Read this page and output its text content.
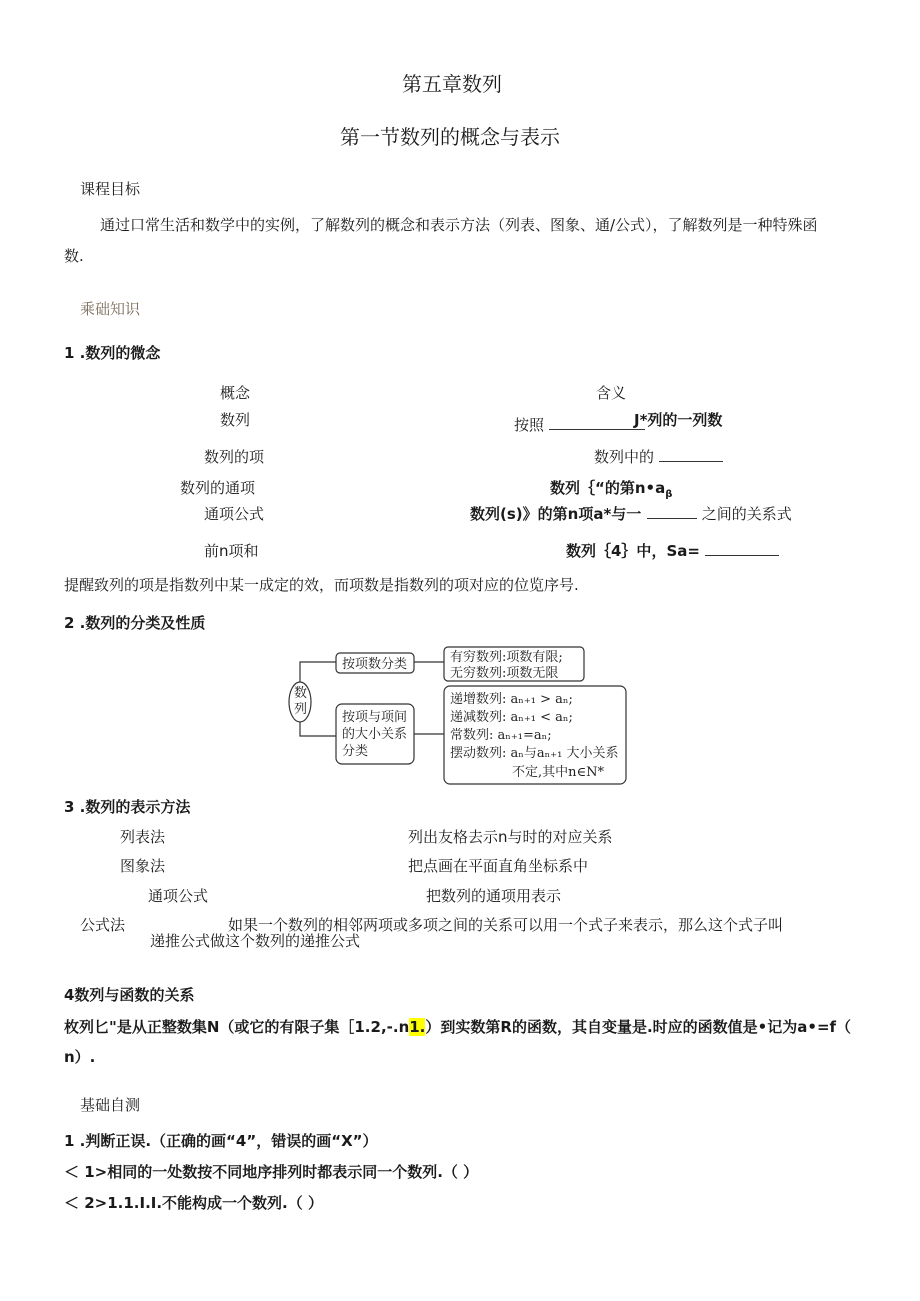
第五章数列
第一节数列的概念与表示
课程目标
通过口常生活和数学中的实例，了解数列的概念和表示方法（列表、图象、通/公式），了解数列是一种特殊函
数.
乘础知识
1 .数列的微念
概念	含义
数列	按照	J*列的一列数
数列的项	数列中的
数列的通项	数列｛“的第$n•a_\beta$
通项公式	数列(s)》的第n项a*与一	之间的关系式
前n项和	数列｛4｝中，Sa=
提醒致列的项是指数列中某一成定的效，而项数是指数列的项对应的位览序号.
2 .数列的分类及性质
数
列
按项数分类
按项与项间
的大小关系
分类
有穷数列:项数有限;
无穷数列:项数无限
递增数列: aₙ₊₁ > aₙ;
递减数列: aₙ₊₁ < aₙ;
常数列: aₙ₊₁=aₙ;
摆动数列: aₙ与aₙ₊₁ 大小关系
不定,其中n∈N*
3 .数列的表示方法
列表法	列出友格去示n与时的对应关系
图象法	把点画在平面直角坐标系中
通项公式	把数列的通项用表示
公式法	如果一个数列的相邻两项或多项之间的关系可以用一个式子来表示，那么这个式子叫
递推公式做这个数列的递推公式
4数列与函数的关系
枚列匕"是从正整数集N（或它的有限子集［1.2,-.n1.）到实数第R的函数，其自变量是.时应的函数值是•记为a•=f（
n）.
基础自测
1 .判断正误.（正确的画“4”，错误的画“X”）
＜ 1>相同的一处数按不同地序排列时都表示同一个数列.（ ）
＜ 2>1.1.I.I.不能构成一个数列.（ ）
